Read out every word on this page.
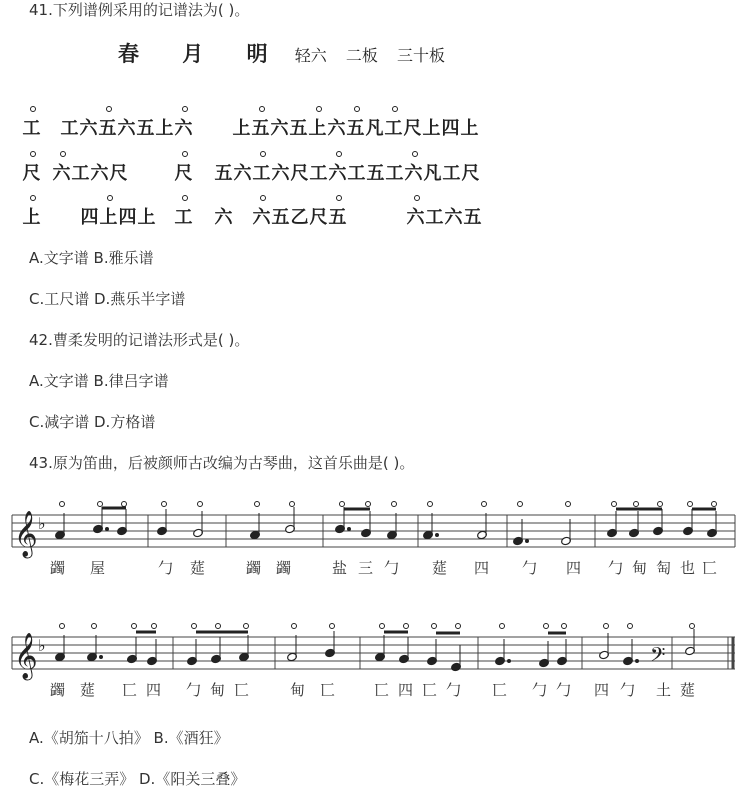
41.下列谱例采用的记谱法为( )。
春 月 明 轻六 二板 三十板
工 工六五六五上六 上五六五上六五凡工尺上四上
尺 六工六尺	尺 五六工六尺工六工五工六凡工尺
上 四上四上 工 六 六五乙尺五	六工六五
A.文字谱 B.雅乐谱
C.工尺谱 D.燕乐半字谱
42.曹柔发明的记谱法形式是( )。
A.文字谱 B.律吕字谱
C.减字谱 D.方格谱
43.原为笛曲，后被颜师古改编为古琴曲，这首乐曲是( )。
𝄞 ♭
蠲 屋	勹 莚	蠲 蠲	盐 三 勹 莚 四 勹 四 勹 甸 匋 也 匸
𝄞 ♭	𝄢
蠲 莚 匸 四 勹 甸 匸	甸 匸	匸 四 匸 勹 匸 勹 勹 四 勹 土 莚
A.《胡笳十八拍》 B.《酒狂》
C.《梅花三弄》 D.《阳关三叠》
